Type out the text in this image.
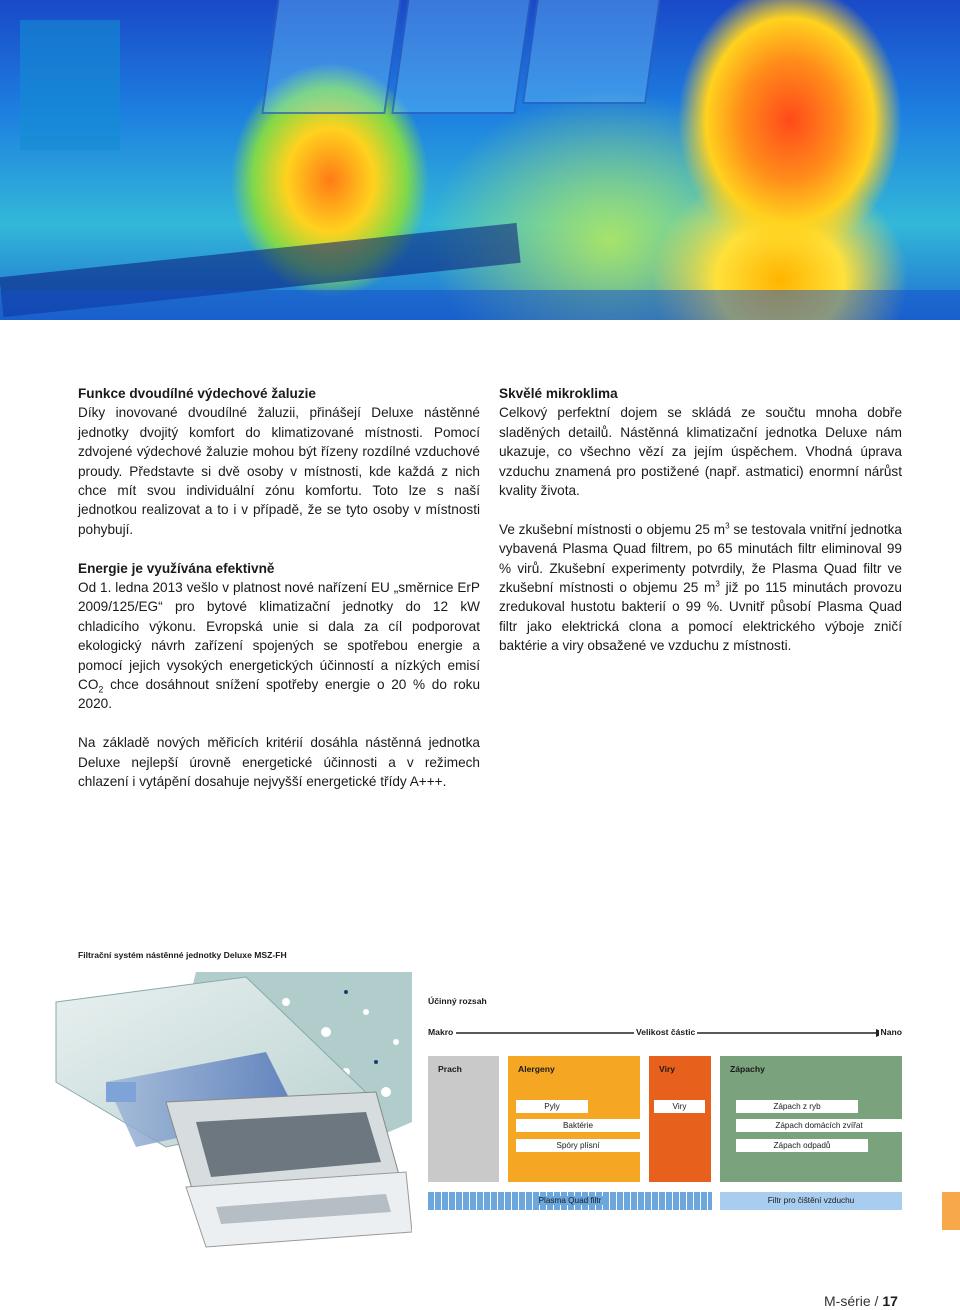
Funkce dvoudílné výdechové žaluzie

Díky inovované dvoudílné žaluzii, přinášejí Deluxe nástěnné jednotky dvojitý komfort do klimatizované místnosti. Pomocí zdvojené výdechové žaluzie mohou být řízeny rozdílné vzduchové proudy. Představte si dvě osoby v místnosti, kde každá z nich chce mít svou individuální zónu komfortu. Toto lze s naší jednotkou realizovat a to i v případě, že se tyto osoby v místnosti pohybují.

Energie je využívána efektivně

Od 1. ledna 2013 vešlo v platnost nové nařízení EU „směrnice ErP 2009/125/EG“ pro bytové klimatizační jednotky do 12 kW chladicího výkonu. Evropská unie si dala za cíl podporovat ekologický návrh zařízení spojených se spotřebou energie a pomocí jejich vysokých energetických účinností a nízkých emisí $CO_2$ chce dosáhnout snížení spotřeby energie o 20 % do roku 2020.

Na základě nových měřicích kritérií dosáhla nástěnná jednotka Deluxe nejlepší úrovně energetické účinnosti a v režimech chlazení i vytápění dosahuje nejvyšší energetické třídy A+++.

Skvělé mikroklima

Celkový perfektní dojem se skládá ze součtu mnoha dobře sladěných detailů. Nástěnná klimatizační jednotka Deluxe nám ukazuje, co všechno vězí za jejím úspěchem. Vhodná úprava vzduchu znamená pro postižené (např. astmatici) enormní nárůst kvality života.

Ve zkušební místnosti o objemu 25 $m^3$ se testovala vnitřní jednotka vybavená Plasma Quad filtrem, po 65 minutách filtr eliminoval 99 % virů. Zkušební experimenty potvrdily, že Plasma Quad filtr ve zkušební místnosti o objemu 25 $m^3$ již po 115 minutách provozu zredukoval hustotu bakterií o 99 %. Uvnitř působí Plasma Quad filtr jako elektrická clona a pomocí elektrického výboje zničí baktérie a viry obsažené ve vzduchu z místnosti.

Filtrační systém nástěnné jednotky Deluxe MSZ-FH
Účinný rozsah
Makro	Velikost částic	Nano
Prach	Alergeny
Pyly
Baktérie
Spóry plísní
Viry
Viry
Zápachy
Zápach z ryb
Zápach domácích zvířat
Zápach odpadů
Plasma Quad filtr	Filtr pro čištění vzduchu
M-série / 17
